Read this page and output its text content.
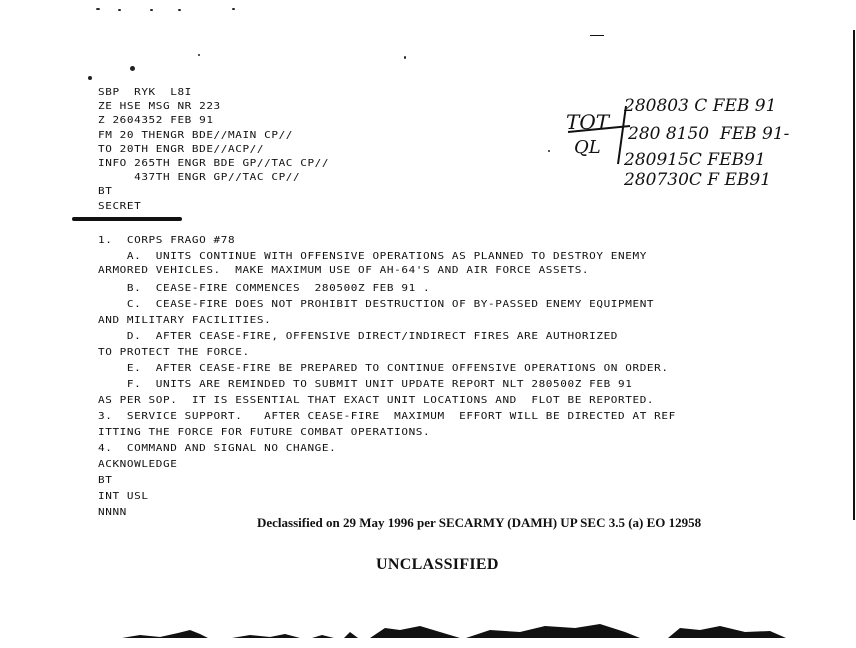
SBP  RYK  L8I
ZE HSE MSG NR 223
Z 2604352 FEB 91
FM 20 THENGR BDE//MAIN CP//
TO 20TH ENGR BDE//ACP//
INFO 265TH ENGR BDE GP//TAC CP//
437TH ENGR GP//TAC CP//
BT
SECRET
1.  CORPS FRAGO #78
A.  UNITS CONTINUE WITH OFFENSIVE OPERATIONS AS PLANNED TO DESTROY ENEMY
ARMORED VEHICLES.  MAKE MAXIMUM USE OF AH-64'S AND AIR FORCE ASSETS.
B.  CEASE-FIRE COMMENCES  280500Z FEB 91 .
C.  CEASE-FIRE DOES NOT PROHIBIT DESTRUCTION OF BY-PASSED ENEMY EQUIPMENT
AND MILITARY FACILITIES.
D.  AFTER CEASE-FIRE, OFFENSIVE DIRECT/INDIRECT FIRES ARE AUTHORIZED
TO PROTECT THE FORCE.
E.  AFTER CEASE-FIRE BE PREPARED TO CONTINUE OFFENSIVE OPERATIONS ON ORDER.
F.  UNITS ARE REMINDED TO SUBMIT UNIT UPDATE REPORT NLT 280500Z FEB 91
AS PER SOP.  IT IS ESSENTIAL THAT EXACT UNIT LOCATIONS AND  FLOT BE REPORTED.
3.  SERVICE SUPPORT.   AFTER CEASE-FIRE  MAXIMUM  EFFORT WILL BE DIRECTED AT REF
ITTING THE FORCE FOR FUTURE COMBAT OPERATIONS.
4.  COMMAND AND SIGNAL NO CHANGE.
ACKNOWLEDGE
BT
INT USL
NNNN
TOT
QL
280803 C FEB 91
280 8150  FEB 91-
280915C FEB91
280730C F EB91
Declassified on 29 May 1996 per SECARMY (DAMH) UP SEC 3.5 (a) EO 12958
UNCLASSIFIED
